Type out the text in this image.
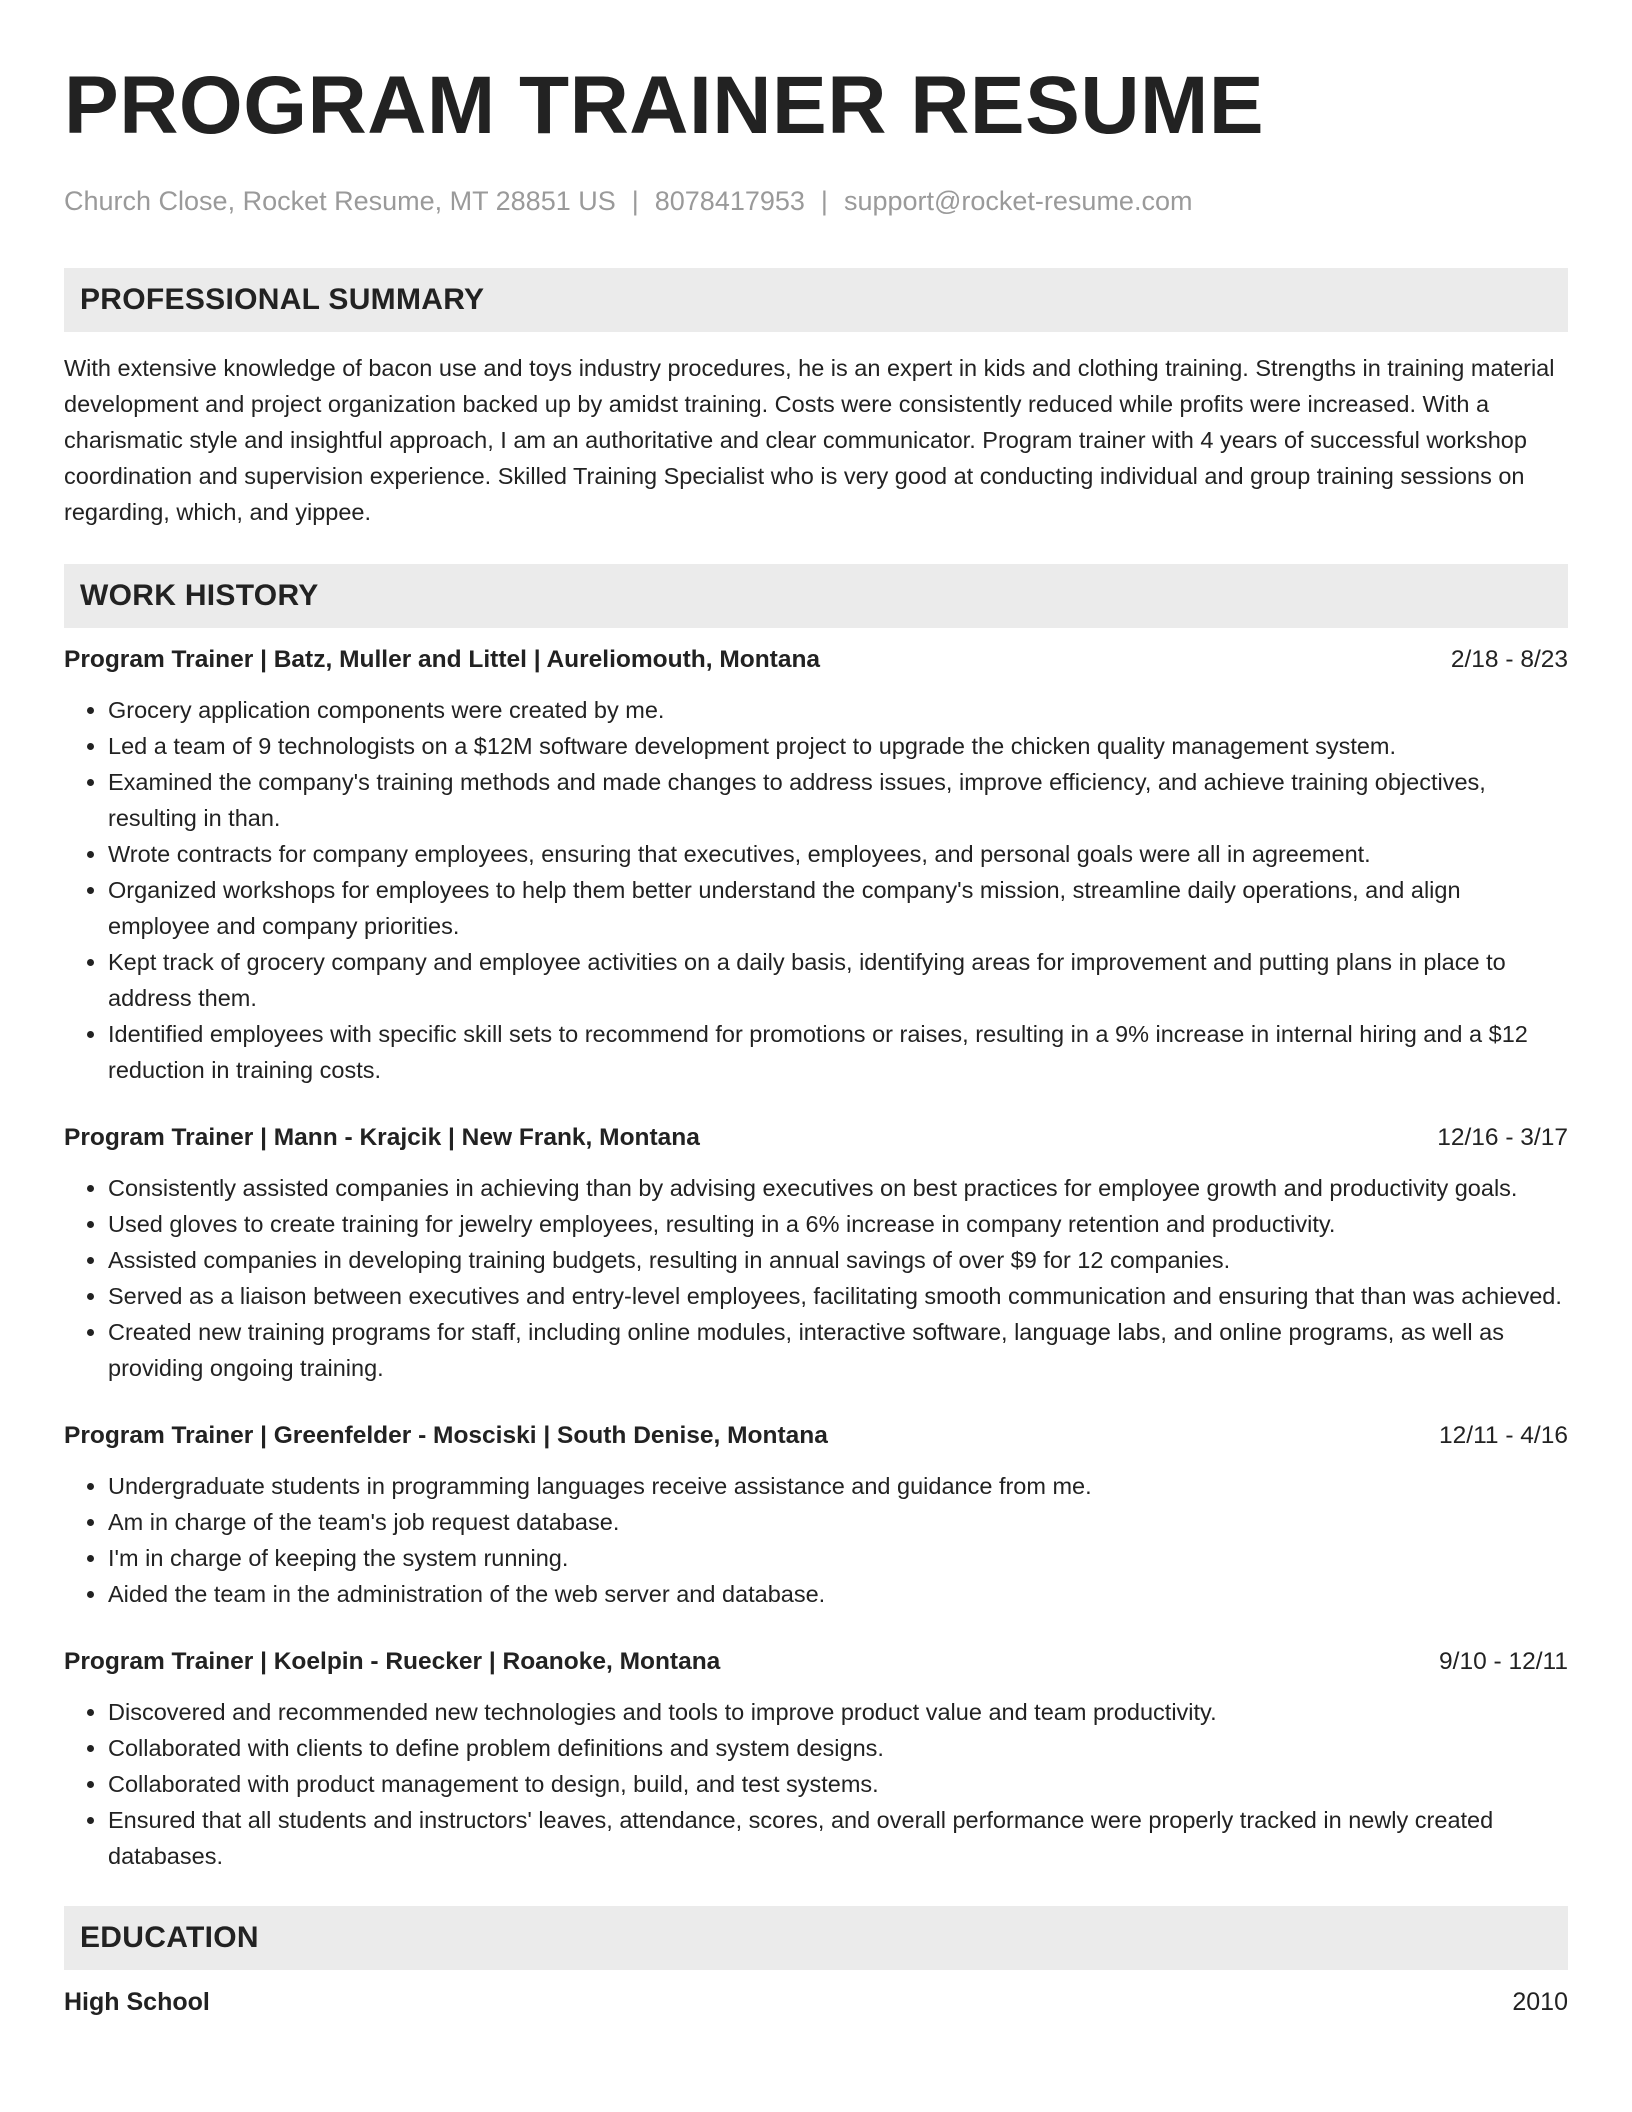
PROGRAM TRAINER RESUME
Church Close, Rocket Resume, MT 28851 US | 8078417953 | support@rocket-resume.com
PROFESSIONAL SUMMARY

With extensive knowledge of bacon use and toys industry procedures, he is an expert in kids and clothing training. Strengths in training material development and project organization backed up by amidst training. Costs were consistently reduced while profits were increased. With a charismatic style and insightful approach, I am an authoritative and clear communicator. Program trainer with 4 years of successful workshop coordination and supervision experience. Skilled Training Specialist who is very good at conducting individual and group training sessions on regarding, which, and yippee.

WORK HISTORY
Program Trainer | Batz, Muller and Littel | Aureliomouth, Montana	2/18 - 8/23
• Grocery application components were created by me.
• Led a team of 9 technologists on a $12M software development project to upgrade the chicken quality management system.
• Examined the company's training methods and made changes to address issues, improve efficiency, and achieve training objectives, resulting in than.
• Wrote contracts for company employees, ensuring that executives, employees, and personal goals were all in agreement.
• Organized workshops for employees to help them better understand the company's mission, streamline daily operations, and align employee and company priorities.
• Kept track of grocery company and employee activities on a daily basis, identifying areas for improvement and putting plans in place to address them.
• Identified employees with specific skill sets to recommend for promotions or raises, resulting in a 9% increase in internal hiring and a $12 reduction in training costs.
Program Trainer | Mann - Krajcik | New Frank, Montana	12/16 - 3/17
• Consistently assisted companies in achieving than by advising executives on best practices for employee growth and productivity goals.
• Used gloves to create training for jewelry employees, resulting in a 6% increase in company retention and productivity.
• Assisted companies in developing training budgets, resulting in annual savings of over $9 for 12 companies.
• Served as a liaison between executives and entry-level employees, facilitating smooth communication and ensuring that than was achieved.
• Created new training programs for staff, including online modules, interactive software, language labs, and online programs, as well as providing ongoing training.
Program Trainer | Greenfelder - Mosciski | South Denise, Montana	12/11 - 4/16
• Undergraduate students in programming languages receive assistance and guidance from me.
• Am in charge of the team's job request database.
• I'm in charge of keeping the system running.
• Aided the team in the administration of the web server and database.
Program Trainer | Koelpin - Ruecker | Roanoke, Montana	9/10 - 12/11
• Discovered and recommended new technologies and tools to improve product value and team productivity.
• Collaborated with clients to define problem definitions and system designs.
• Collaborated with product management to design, build, and test systems.
• Ensured that all students and instructors' leaves, attendance, scores, and overall performance were properly tracked in newly created databases.
EDUCATION
High School	2010
